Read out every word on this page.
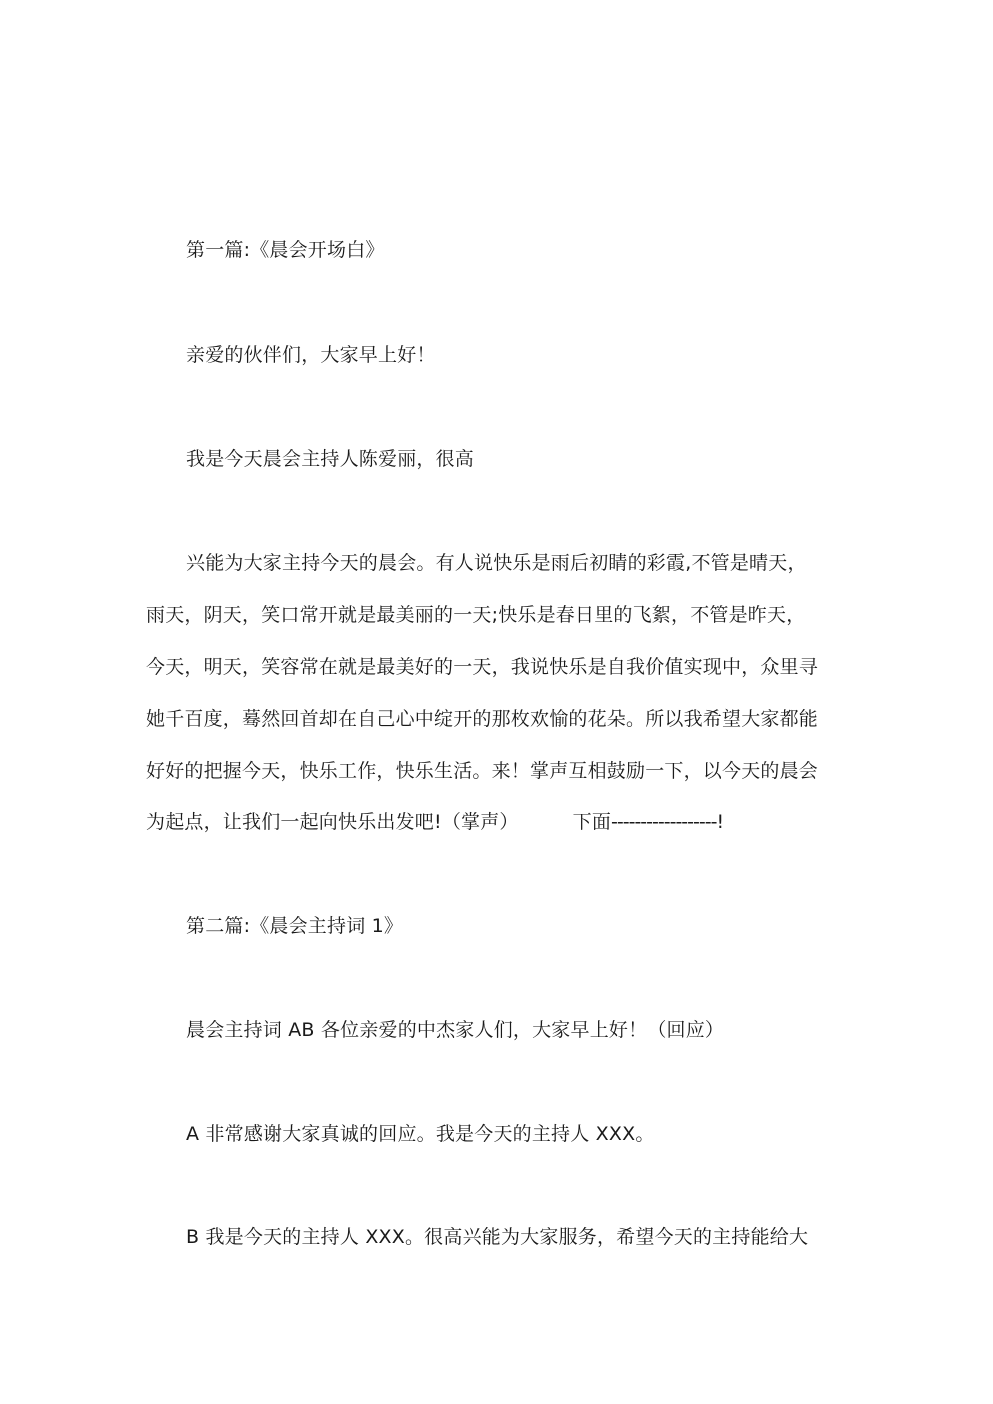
第一篇:《晨会开场白》
亲爱的伙伴们，大家早上好！
我是今天晨会主持人陈爱丽，很高
兴能为大家主持今天的晨会。有人说快乐是雨后初睛的彩霞,不管是晴天，
雨天，阴天，笑口常开就是最美丽的一天;快乐是春日里的飞絮，不管是昨天，
今天，明天，笑容常在就是最美好的一天，我说快乐是自我价值实现中，众里寻
她千百度，蓦然回首却在自己心中绽开的那枚欢愉的花朵。所以我希望大家都能
好好的把握今天，快乐工作，快乐生活。来！掌声互相鼓励一下，以今天的晨会
为起点，让我们一起向快乐出发吧!（掌声）	下面------------------!
第二篇:《晨会主持词 1》
晨会主持词 AB 各位亲爱的中杰家人们，大家早上好！（回应）
A 非常感谢大家真诚的回应。我是今天的主持人 XXX。
B 我是今天的主持人 XXX。很高兴能为大家服务，希望今天的主持能给大
